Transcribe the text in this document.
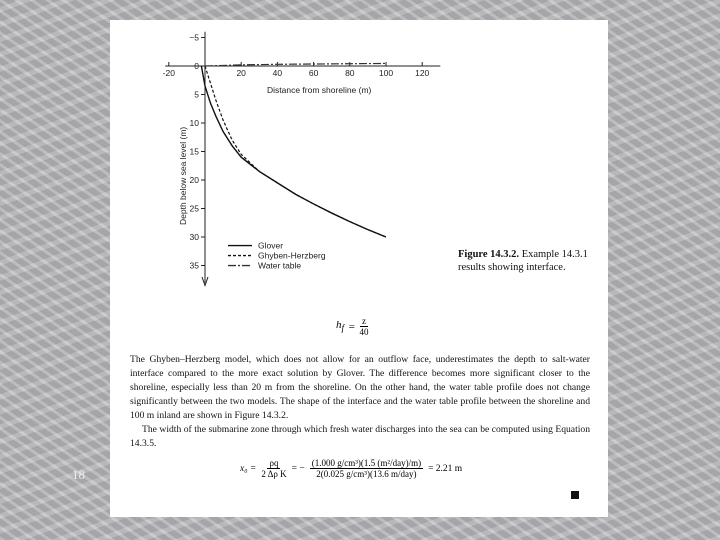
-20	20	40	60	80	100	120
−5
0
5
10
15
20
25
30
35
Distance from shoreline (m)
Depth below sea level (m)
Glover
Ghyben-Herzberg
Water table
Figure 14.3.2. Example 14.3.1 results showing interface.
$h_f = \frac{z}{40}$

The Ghyben–Herzberg model, which does not allow for an outflow face, underestimates the depth to salt-water interface compared to the more exact solution by Glover. The difference becomes more significant closer to the shoreline, especially less than 20 m from the shoreline. On the other hand, the water table profile does not change significantly between the two models. The shape of the interface and the water table profile between the shoreline and 100 m inland are shown in Figure 14.3.2.

The width of the submarine zone through which fresh water discharges into the sea can be computed using Equation 14.3.5.

$x_0 = \frac{\rho q}{\text{2 Δρ K}}$ = − $\frac{\text{(1.000 g/cm³)(1.5 (m²/day)/m)}}{\text{2(0.025 g/cm³)(13.6 m/day)}} = 2.21$ m
18
